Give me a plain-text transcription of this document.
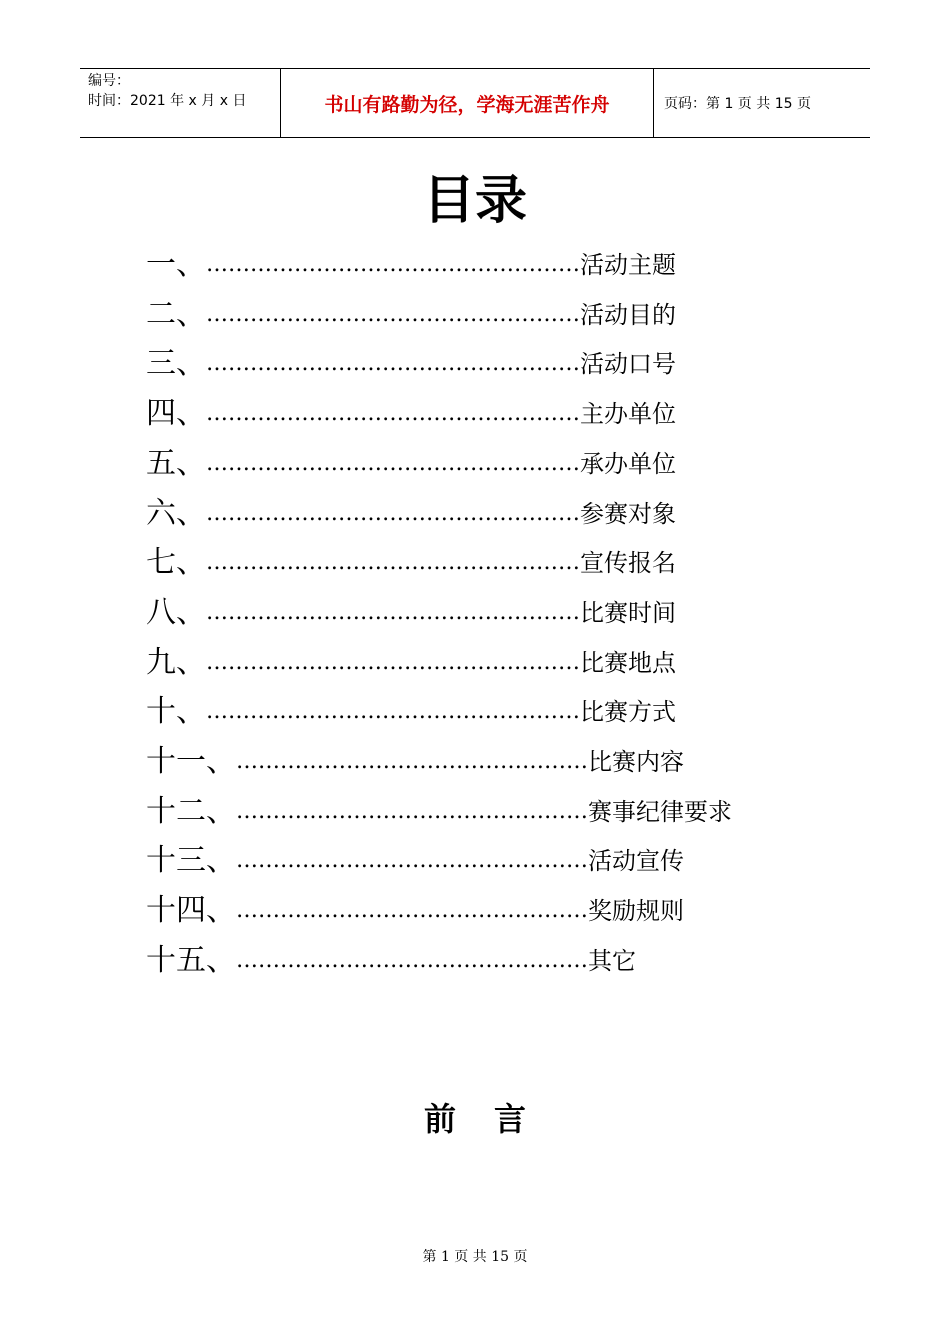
编号：
时间：2021 年 x 月 x 日	书山有路勤为径，学海无涯苦作舟	页码：第 1 页 共 15 页
目录
一、 …………………………………………… 活动主题
二、 …………………………………………… 活动目的
三、 …………………………………………… 活动口号
四、 …………………………………………… 主办单位
五、 …………………………………………… 承办单位
六、 …………………………………………… 参赛对象
七、 …………………………………………… 宣传报名
八、 …………………………………………… 比赛时间
九、 …………………………………………… 比赛地点
十、 …………………………………………… 比赛方式
十一、 ………………………………………… 比赛内容
十二、 ………………………………………… 赛事纪律要求
十三、 ………………………………………… 活动宣传
十四、 ………………………………………… 奖励规则
十五、 ………………………………………… 其它
前言
第 1 页 共 15 页
